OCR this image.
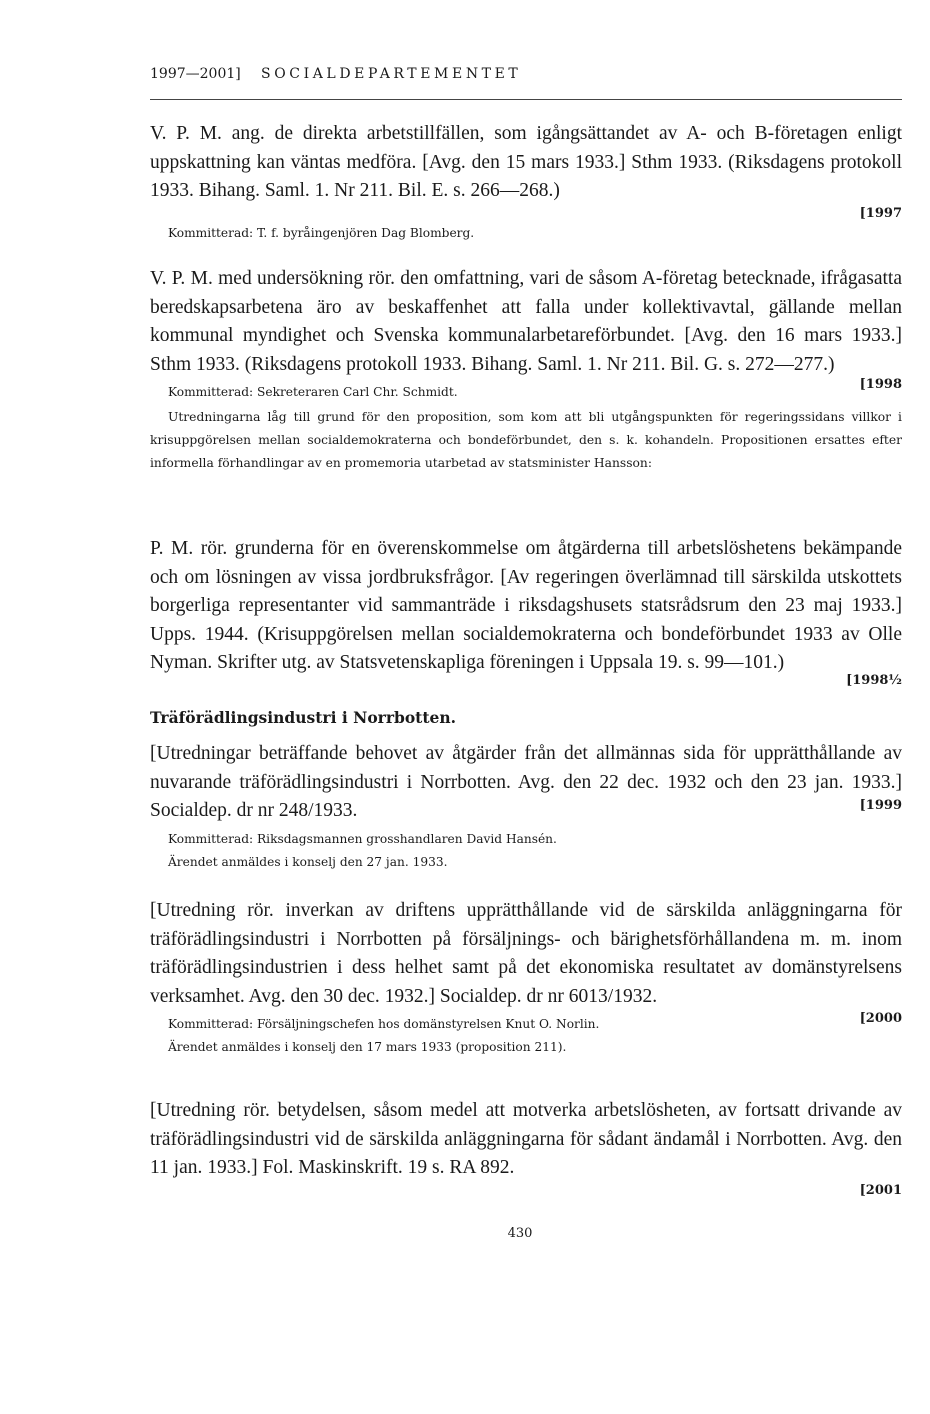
1997—2001] SOCIALDEPARTEMENTET
V. P. M. ang. de direkta arbetstillfällen, som igångsättandet av A- och B-företagen enligt uppskattning kan väntas medföra. [Avg. den 15 mars 1933.] Sthm 1933. (Riksdagens protokoll 1933. Bihang. Saml. 1. Nr 211. Bil. E. s. 266—268.)
[1997
Kommitterad: T. f. byråingenjören Dag Blomberg.
V. P. M. med undersökning rör. den omfattning, vari de såsom A-företag betecknade, ifrågasatta beredskapsarbetena äro av beskaffenhet att falla under kollektivavtal, gällande mellan kommunal myndighet och Svenska kommunalarbetareförbundet. [Avg. den 16 mars 1933.] Sthm 1933. (Riksdagens protokoll 1933. Bihang. Saml. 1. Nr 211. Bil. G. s. 272—277.)
[1998
Kommitterad: Sekreteraren Carl Chr. Schmidt.
Utredningarna låg till grund för den proposition, som kom att bli utgångspunkten för regeringssidans villkor i krisuppgörelsen mellan socialdemokraterna och bondeförbundet, den s. k. kohandeln. Propositionen ersattes efter informella förhandlingar av en promemoria utarbetad av statsminister Hansson:
P. M. rör. grunderna för en överenskommelse om åtgärderna till arbetslöshetens bekämpande och om lösningen av vissa jordbruksfrågor. [Av regeringen överlämnad till särskilda utskottets borgerliga representanter vid sammanträde i riksdagshusets statsrådsrum den 23 maj 1933.] Upps. 1944. (Krisuppgörelsen mellan socialdemokraterna och bondeförbundet 1933 av Olle Nyman. Skrifter utg. av Statsvetenskapliga föreningen i Uppsala 19. s. 99—101.)
[1998½
Träförädlingsindustri i Norrbotten.
[Utredningar beträffande behovet av åtgärder från det allmännas sida för upprätthållande av nuvarande träförädlingsindustri i Norrbotten. Avg. den 22 dec. 1932 och den 23 jan. 1933.] Socialdep. dr nr 248/1933.	[1999
Kommitterad: Riksdagsmannen grosshandlaren David Hansén.
Ärendet anmäldes i konselj den 27 jan. 1933.
[Utredning rör. inverkan av driftens upprätthållande vid de särskilda anläggningarna för träförädlingsindustri i Norrbotten på försäljnings- och bärighetsförhållandena m. m. inom träförädlingsindustrien i dess helhet samt på det ekonomiska resultatet av domänstyrelsens verksamhet. Avg. den 30 dec. 1932.] Socialdep. dr nr 6013/1932.
[2000
Kommitterad: Försäljningschefen hos domänstyrelsen Knut O. Norlin.
Ärendet anmäldes i konselj den 17 mars 1933 (proposition 211).
[Utredning rör. betydelsen, såsom medel att motverka arbetslösheten, av fortsatt drivande av träförädlingsindustri vid de särskilda anläggningarna för sådant ändamål i Norrbotten. Avg. den 11 jan. 1933.] Fol. Maskinskrift. 19 s. RA 892.
[2001
430
